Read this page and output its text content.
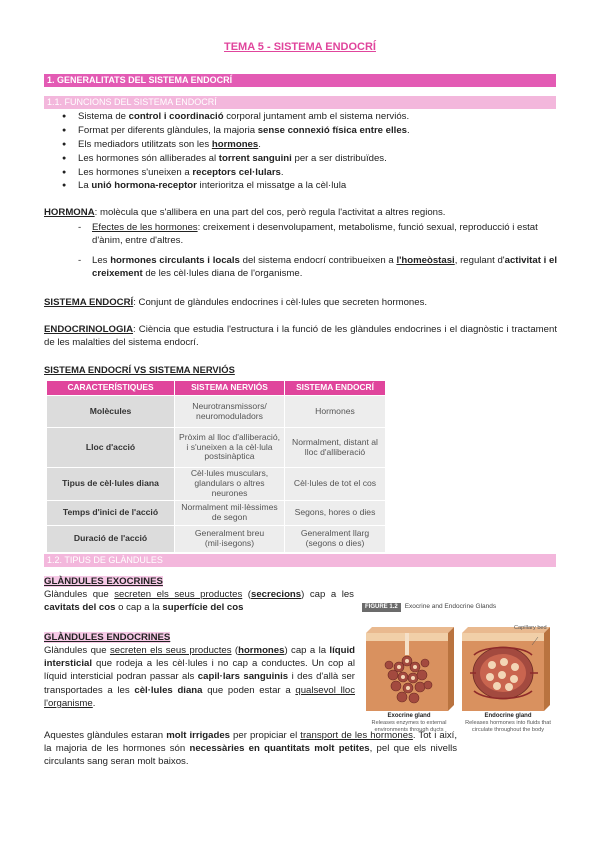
TEMA 5 - SISTEMA ENDOCRÍ
1. GENERALITATS DEL SISTEMA ENDOCRÍ
1.1. FUNCIONS DEL SISTEMA ENDOCRÍ
● Sistema de control i coordinació corporal juntament amb el sistema nerviós.
● Format per diferents glàndules, la majoria sense connexió física entre elles.
● Els mediadors utilitzats son les hormones.
● Les hormones són alliberades al torrent sanguini per a ser distribuïdes.
● Les hormones s'uneixen a receptors cel·lulars.
● La unió hormona-receptor interioritza el missatge a la cèl·lula
HORMONA: molècula que s'allibera en una part del cos, però regula l'activitat a altres regions.
- Efectes de les hormones: creixement i desenvolupament, metabolisme, funció sexual, reproducció i estat d'ànim, entre d'altres.
- Les hormones circulants i locals del sistema endocrí contribueixen a l'homeòstasi, regulant d'activitat i el creixement de les cèl·lules diana de l'organisme.
SISTEMA ENDOCRÍ: Conjunt de glàndules endocrines i cèl·lules que secreten hormones.
ENDOCRINOLOGIA: Ciència que estudia l'estructura i la funció de les glàndules endocrines i el diagnòstic i tractament de les malalties del sistema endocrí.
SISTEMA ENDOCRÍ VS SISTEMA NERVIÓS
CARACTERÍSTIQUES	SISTEMA NERVIÓS	SISTEMA ENDOCRÍ
Molècules	Neurotransmissors/ neuromoduladors	Hormones
Lloc d'acció	Pròxim al lloc d'alliberació, i s'uneixen a la cèl·lula postsinàptica	Normalment, distant al lloc d'alliberació
Tipus de cèl·lules diana	Cèl·lules musculars, glandulars o altres neurones	Cèl·lules de tot el cos
Temps d'inici de l'acció	Normalment mil·lèssimes de segon	Segons, hores o dies
Duració de l'acció	Generalment breu (mil·isegons)	Generalment llarg (segons o dies)
1.2. TIPUS DE GLÀNDULES
GLÀNDULES EXOCRINES
Glàndules que secreten els seus productes (secrecions) cap a les cavitats del cos o cap a la superfície del cos
GLÀNDULES ENDOCRINES
Glàndules que secreten els seus productes (hormones) cap a la líquid intersticial que rodeja a les cèl·lules i no cap a conductes. Un cop al líquid intersticial podran passar als capil·lars sanguinis i des d'allà ser transportades a les cèl·lules diana que poden estar a qualsevol lloc l'organisme.
Aquestes glàndules estaran molt irrigades per propiciar el transport de les hormones. Tot i així, la majoria de les hormones són necessàries en quantitats molt petites, pel que els nivells circulants sang seran molt baixos.
FIGURE 1.2	Exocrine and Endocrine Glands
Capillary bed
Exocrine gland
Releases enzymes to external environments through ducts
Endocrine gland
Releases hormones into fluids that circulate throughout the body
